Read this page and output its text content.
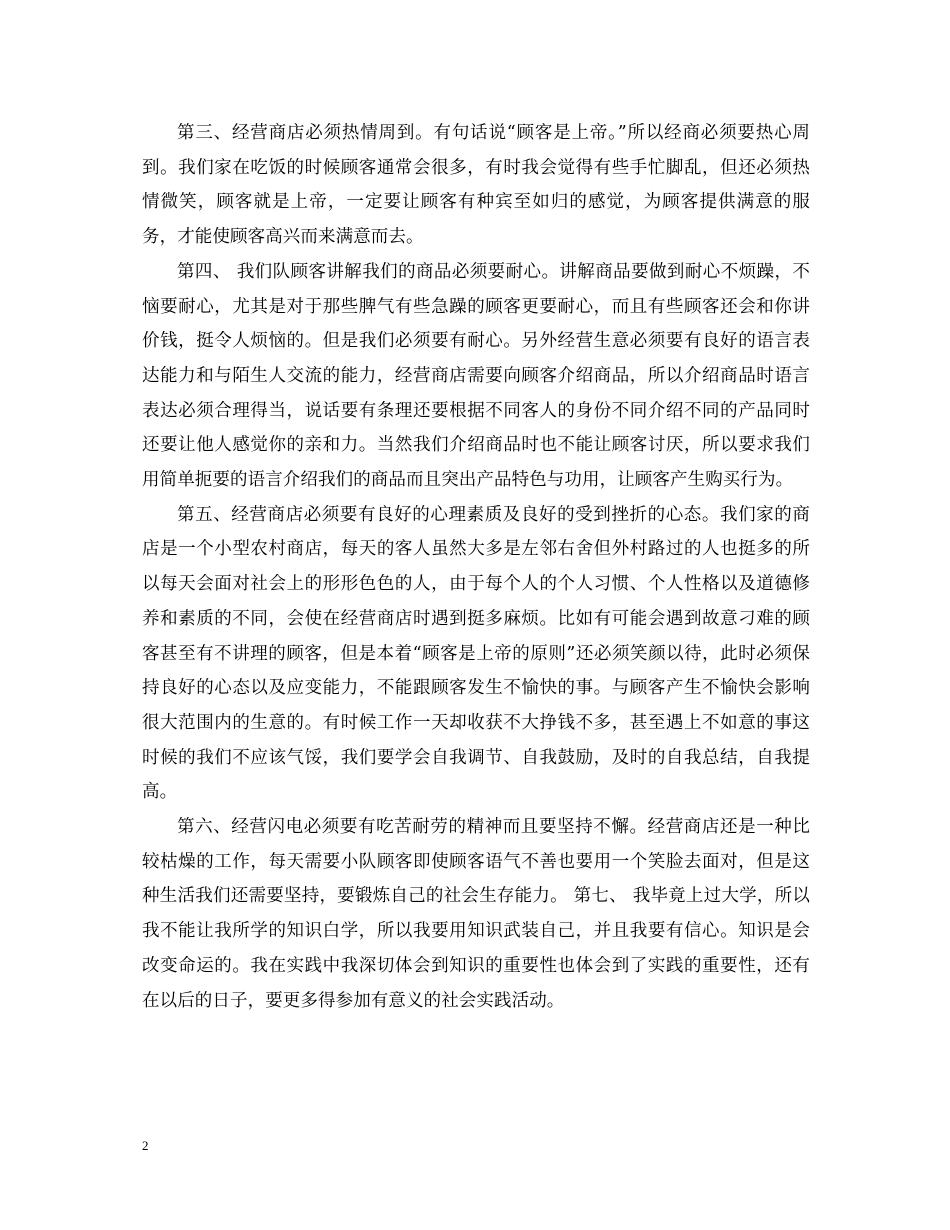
第三、经营商店必须热情周到。有句话说“顾客是上帝。”所以经商必须要热心周到。我们家在吃饭的时候顾客通常会很多，有时我会觉得有些手忙脚乱，但还必须热情微笑，顾客就是上帝，一定要让顾客有种宾至如归的感觉，为顾客提供满意的服务，才能使顾客高兴而来满意而去。

第四、 我们队顾客讲解我们的商品必须要耐心。讲解商品要做到耐心不烦躁，不恼要耐心，尤其是对于那些脾气有些急躁的顾客更要耐心，而且有些顾客还会和你讲价钱，挺令人烦恼的。但是我们必须要有耐心。另外经营生意必须要有良好的语言表达能力和与陌生人交流的能力，经营商店需要向顾客介绍商品，所以介绍商品时语言表达必须合理得当，说话要有条理还要根据不同客人的身份不同介绍不同的产品同时还要让他人感觉你的亲和力。当然我们介绍商品时也不能让顾客讨厌，所以要求我们用简单扼要的语言介绍我们的商品而且突出产品特色与功用，让顾客产生购买行为。

第五、经营商店必须要有良好的心理素质及良好的受到挫折的心态。我们家的商店是一个小型农村商店，每天的客人虽然大多是左邻右舍但外村路过的人也挺多的所以每天会面对社会上的形形色色的人，由于每个人的个人习惯、个人性格以及道德修养和素质的不同，会使在经营商店时遇到挺多麻烦。比如有可能会遇到故意刁难的顾客甚至有不讲理的顾客，但是本着“顾客是上帝的原则”还必须笑颜以待，此时必须保持良好的心态以及应变能力，不能跟顾客发生不愉快的事。与顾客产生不愉快会影响很大范围内的生意的。有时候工作一天却收获不大挣钱不多，甚至遇上不如意的事这时候的我们不应该气馁，我们要学会自我调节、自我鼓励，及时的自我总结，自我提高。

第六、经营闪电必须要有吃苦耐劳的精神而且要坚持不懈。经营商店还是一种比较枯燥的工作，每天需要小队顾客即使顾客语气不善也要用一个笑脸去面对，但是这种生活我们还需要坚持，要锻炼自己的社会生存能力。 第七、 我毕竟上过大学，所以我不能让我所学的知识白学，所以我要用知识武装自己，并且我要有信心。知识是会改变命运的。我在实践中我深切体会到知识的重要性也体会到了实践的重要性，还有在以后的日子，要更多得参加有意义的社会实践活动。

2
